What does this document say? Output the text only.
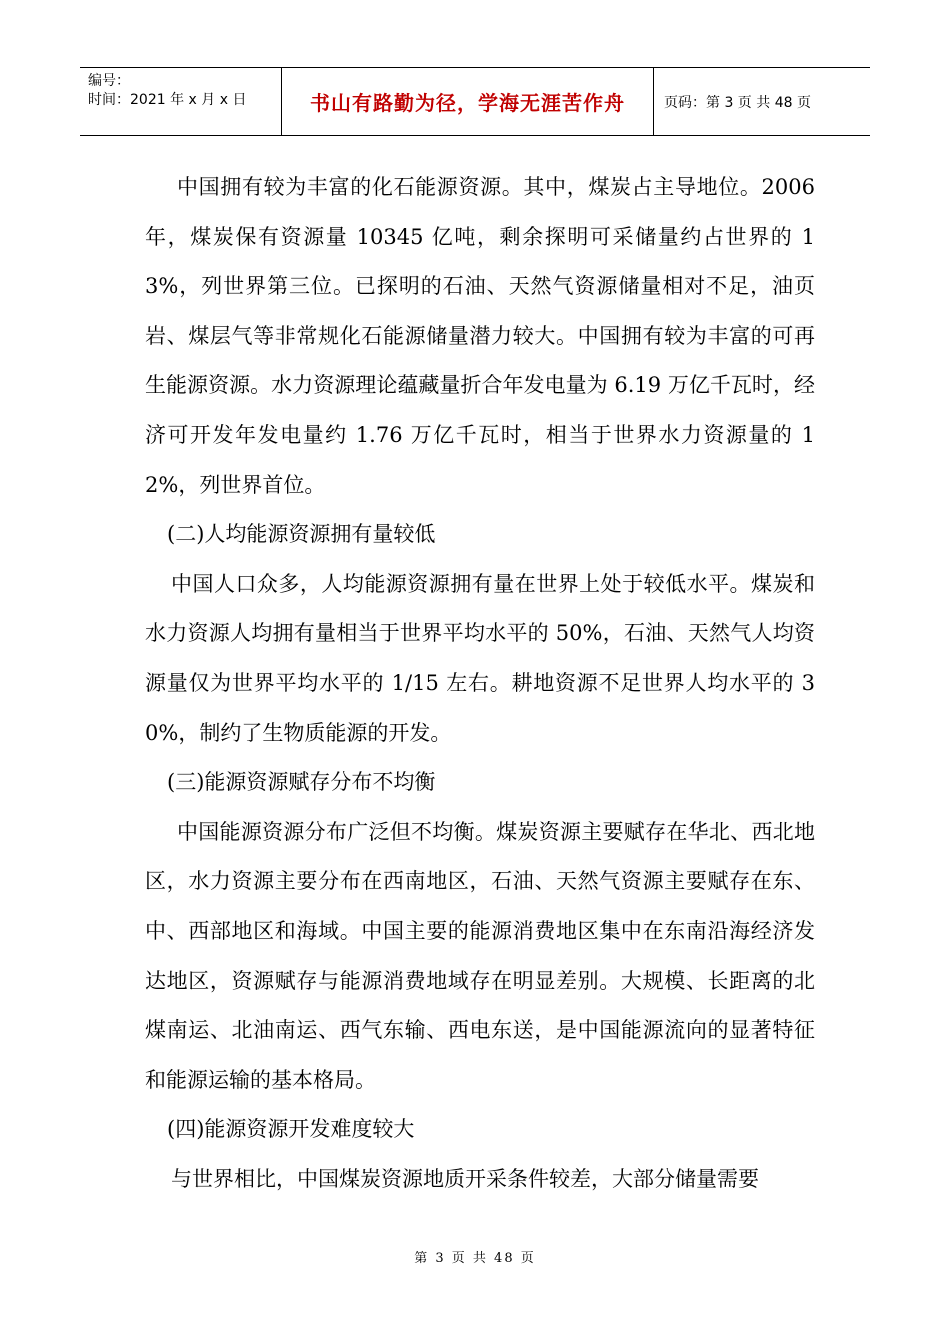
编号：
时间：2021 年 x 月 x 日	书山有路勤为径，学海无涯苦作舟	页码：第 3 页 共 48 页

中国拥有较为丰富的化石能源资源。其中，煤炭占主导地位。2006 年，煤炭保有资源量 10345 亿吨，剩余探明可采储量约占世界的 13%，列世界第三位。已探明的石油、天然气资源储量相对不足，油页岩、煤层气等非常规化石能源储量潜力较大。中国拥有较为丰富的可再生能源资源。水力资源理论蕴藏量折合年发电量为 6.19 万亿千瓦时，经济可开发年发电量约 1.76 万亿千瓦时，相当于世界水力资源量的 12%，列世界首位。

(二)人均能源资源拥有量较低

中国人口众多，人均能源资源拥有量在世界上处于较低水平。煤炭和水力资源人均拥有量相当于世界平均水平的 50%，石油、天然气人均资源量仅为世界平均水平的 1/15 左右。耕地资源不足世界人均水平的 30%，制约了生物质能源的开发。

(三)能源资源赋存分布不均衡

中国能源资源分布广泛但不均衡。煤炭资源主要赋存在华北、西北地区，水力资源主要分布在西南地区，石油、天然气资源主要赋存在东、中、西部地区和海域。中国主要的能源消费地区集中在东南沿海经济发达地区，资源赋存与能源消费地域存在明显差别。大规模、长距离的北煤南运、北油南运、西气东输、西电东送，是中国能源流向的显著特征和能源运输的基本格局。

(四)能源资源开发难度较大

与世界相比，中国煤炭资源地质开采条件较差，大部分储量需要

第 3 页 共 48 页
